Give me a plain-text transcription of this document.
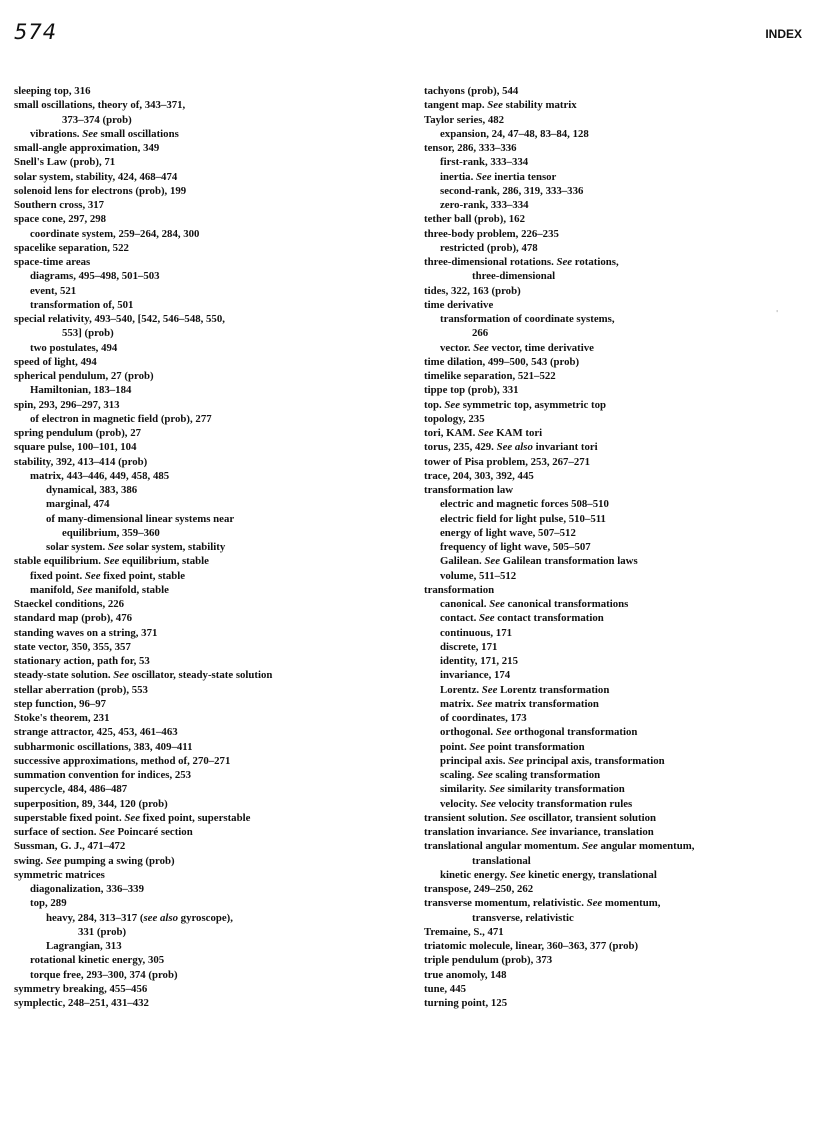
574	INDEX
sleeping top, 316
small oscillations, theory of, 343–371,
373–374 (prob)
vibrations. See small oscillations
small-angle approximation, 349
Snell's Law (prob), 71
solar system, stability, 424, 468–474
solenoid lens for electrons (prob), 199
Southern cross, 317
space cone, 297, 298
coordinate system, 259–264, 284, 300
spacelike separation, 522
space-time areas
diagrams, 495–498, 501–503
event, 521
transformation of, 501
special relativity, 493–540, [542, 546–548, 550,
553] (prob)
two postulates, 494
speed of light, 494
spherical pendulum, 27 (prob)
Hamiltonian, 183–184
spin, 293, 296–297, 313
of electron in magnetic field (prob), 277
spring pendulum (prob), 27
square pulse, 100–101, 104
stability, 392, 413–414 (prob)
matrix, 443–446, 449, 458, 485
dynamical, 383, 386
marginal, 474
of many-dimensional linear systems near
equilibrium, 359–360
solar system. See solar system, stability
stable equilibrium. See equilibrium, stable
fixed point. See fixed point, stable
manifold, See manifold, stable
Staeckel conditions, 226
standard map (prob), 476
standing waves on a string, 371
state vector, 350, 355, 357
stationary action, path for, 53
steady-state solution. See oscillator, steady-state solution
stellar aberration (prob), 553
step function, 96–97
Stoke's theorem, 231
strange attractor, 425, 453, 461–463
subharmonic oscillations, 383, 409–411
successive approximations, method of, 270–271
summation convention for indices, 253
supercycle, 484, 486–487
superposition, 89, 344, 120 (prob)
superstable fixed point. See fixed point, superstable
surface of section. See Poincaré section
Sussman, G. J., 471–472
swing. See pumping a swing (prob)
symmetric matrices
diagonalization, 336–339
top, 289
heavy, 284, 313–317 (see also gyroscope),
331 (prob)
Lagrangian, 313
rotational kinetic energy, 305
torque free, 293–300, 374 (prob)
symmetry breaking, 455–456
symplectic, 248–251, 431–432
tachyons (prob), 544
tangent map. See stability matrix
Taylor series, 482
expansion, 24, 47–48, 83–84, 128
tensor, 286, 333–336
first-rank, 333–334
inertia. See inertia tensor
second-rank, 286, 319, 333–336
zero-rank, 333–334
tether ball (prob), 162
three-body problem, 226–235
restricted (prob), 478
three-dimensional rotations. See rotations,
three-dimensional
tides, 322, 163 (prob)
time derivative
transformation of coordinate systems,
266
vector. See vector, time derivative
time dilation, 499–500, 543 (prob)
timelike separation, 521–522
tippe top (prob), 331
top. See symmetric top, asymmetric top
topology, 235
tori, KAM. See KAM tori
torus, 235, 429. See also invariant tori
tower of Pisa problem, 253, 267–271
trace, 204, 303, 392, 445
transformation law
electric and magnetic forces 508–510
electric field for light pulse, 510–511
energy of light wave, 507–512
frequency of light wave, 505–507
Galilean. See Galilean transformation laws
volume, 511–512
transformation
canonical. See canonical transformations
contact. See contact transformation
continuous, 171
discrete, 171
identity, 171, 215
invariance, 174
Lorentz. See Lorentz transformation
matrix. See matrix transformation
of coordinates, 173
orthogonal. See orthogonal transformation
point. See point transformation
principal axis. See principal axis, transformation
scaling. See scaling transformation
similarity. See similarity transformation
velocity. See velocity transformation rules
transient solution. See oscillator, transient solution
translation invariance. See invariance, translation
translational angular momentum. See angular momentum,
translational
kinetic energy. See kinetic energy, translational
transpose, 249–250, 262
transverse momentum, relativistic. See momentum,
transverse, relativistic
Tremaine, S., 471
triatomic molecule, linear, 360–363, 377 (prob)
triple pendulum (prob), 373
true anomoly, 148
tune, 445
turning point, 125
'
